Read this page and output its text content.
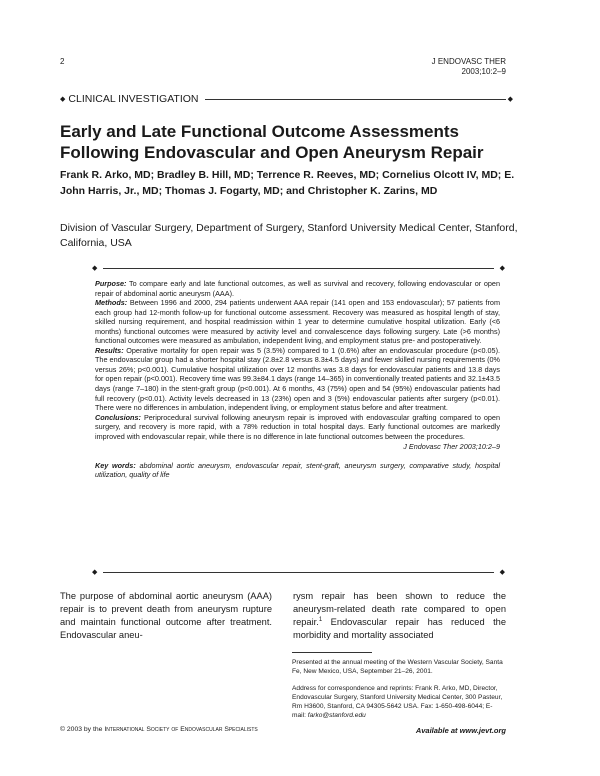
2	J ENDOVASC THER
2003;10:2–9
◆ CLINICAL INVESTIGATION	◆
Early and Late Functional Outcome Assessments Following Endovascular and Open Aneurysm Repair
Frank R. Arko, MD; Bradley B. Hill, MD; Terrence R. Reeves, MD; Cornelius Olcott IV, MD; E. John Harris, Jr., MD; Thomas J. Fogarty, MD; and Christopher K. Zarins, MD
Division of Vascular Surgery, Department of Surgery, Stanford University Medical Center, Stanford, California, USA
◆	◆

Purpose: To compare early and late functional outcomes, as well as survival and recovery, following endovascular or open repair of abdominal aortic aneurysm (AAA).

Methods: Between 1996 and 2000, 294 patients underwent AAA repair (141 open and 153 endovascular); 57 patients from each group had 12-month follow-up for functional outcome assessment. Recovery was measured as hospital length of stay, skilled nursing requirement, and hospital readmission within 1 year to determine cumulative hospital utilization. Early (<6 months) functional outcomes were measured by activity level and convalescence days following surgery. Late (>6 months) functional outcomes were measured as ambulation, independent living, and employment status pre- and postoperatively.

Results: Operative mortality for open repair was 5 (3.5%) compared to 1 (0.6%) after an endovascular procedure (p<0.05). The endovascular group had a shorter hospital stay (2.8±2.8 versus 8.3±4.5 days) and fewer skilled nursing requirements (0% versus 26%; p<0.001). Cumulative hospital utilization over 12 months was 3.8 days for endovascular patients and 13.8 days for open repair (p<0.001). Recovery time was 99.3±84.1 days (range 14–365) in conventionally treated patients and 32.1±43.5 days (range 7–180) in the stent-graft group (p<0.001). At 6 months, 43 (75%) open and 54 (95%) endovascular patients had full recovery (p<0.01). Activity levels decreased in 13 (23%) open and 3 (5%) endovascular patients after surgery (p<0.01). There were no differences in ambulation, independent living, or employment status before and after treatment.

Conclusions: Periprocedural survival following aneurysm repair is improved with endovascular grafting compared to open surgery, and recovery is more rapid, with a 78% reduction in total hospital days. Early functional outcomes are markedly improved with endovascular repair, while there is no difference in late functional outcomes between the procedures.

J Endovasc Ther 2003;10:2–9

Key words: abdominal aortic aneurysm, endovascular repair, stent-graft, aneurysm surgery, comparative study, hospital utilization, quality of life

◆	◆
The purpose of abdominal aortic aneurysm (AAA) repair is to prevent death from aneurysm rupture and maintain functional outcome after treatment. Endovascular aneu-
rysm repair has been shown to reduce the aneurysm-related death rate compared to open repair.$^1$ Endovascular repair has reduced the morbidity and mortality associated
Presented at the annual meeting of the Western Vascular Society, Santa Fe, New Mexico, USA, September 21–26, 2001.
Address for correspondence and reprints: Frank R. Arko, MD, Director, Endovascular Surgery, Stanford University Medical Center, 300 Pasteur, Rm H3600, Stanford, CA 94305-5642 USA. Fax: 1-650-498-6044; E-mail: farko@stanford.edu
© 2003 by the International Society of Endovascular Specialists	Available at www.jevt.org
